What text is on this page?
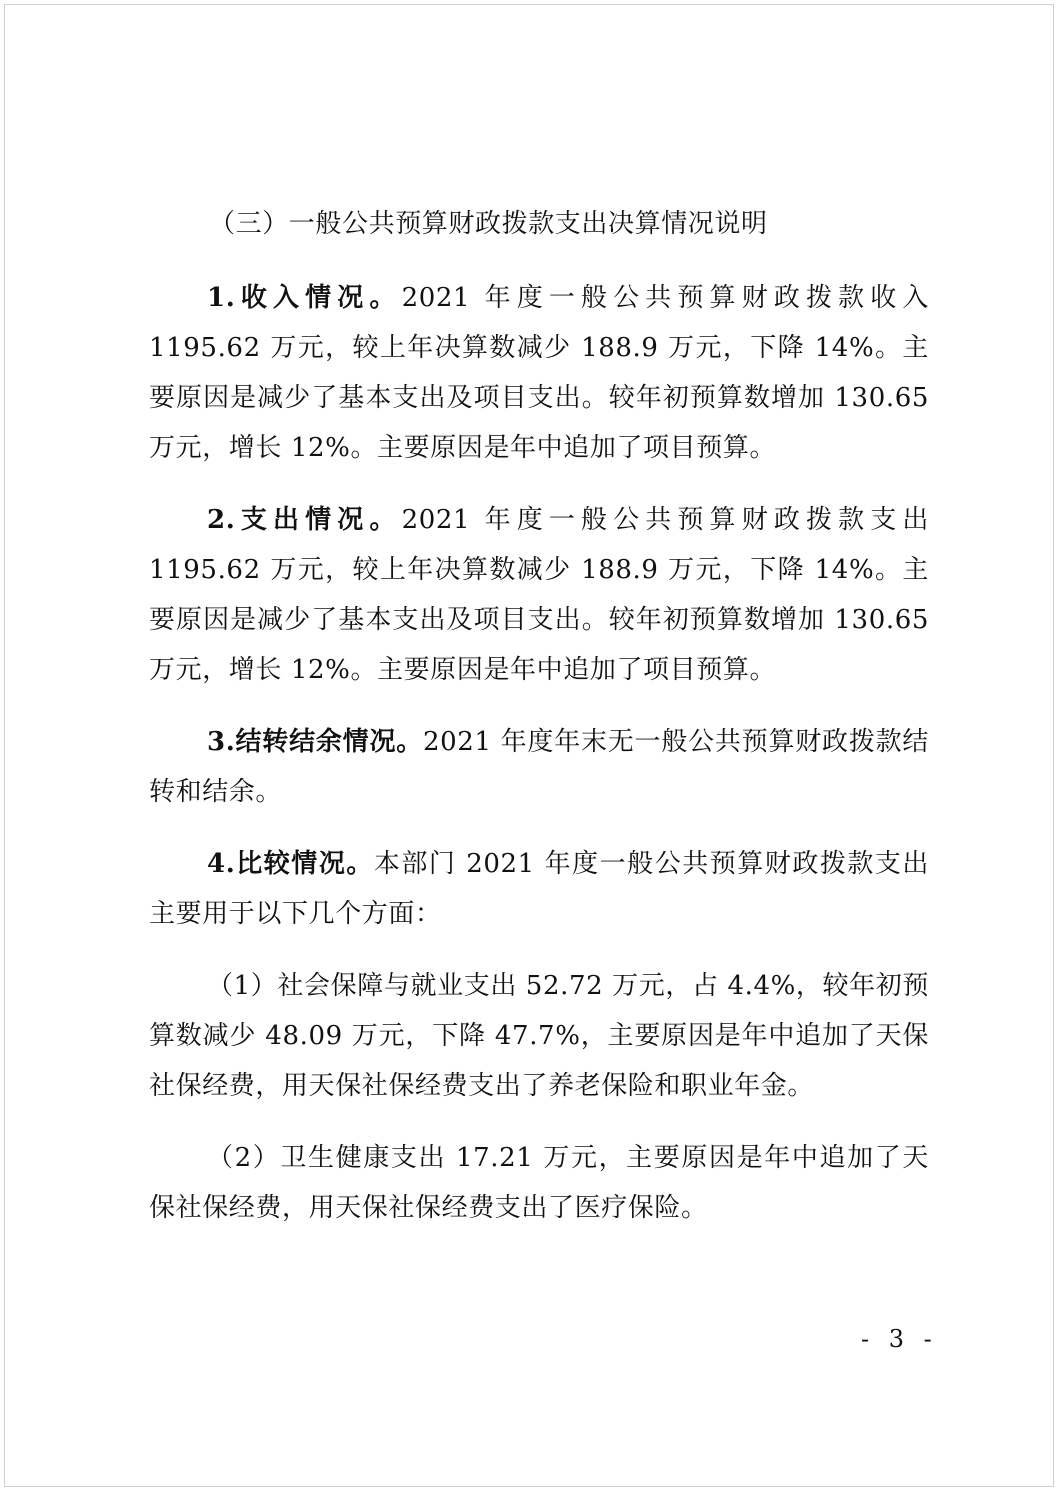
（三）一般公共预算财政拨款支出决算情况说明

1.收入情况。2021 年度一般公共预算财政拨款收入 1195.62 万元，较上年决算数减少 188.9 万元，下降 14%。主要原因是减少了基本支出及项目支出。较年初预算数增加 130.65 万元，增长 12%。主要原因是年中追加了项目预算。

2.支出情况。2021 年度一般公共预算财政拨款支出 1195.62 万元，较上年决算数减少 188.9 万元，下降 14%。主要原因是减少了基本支出及项目支出。较年初预算数增加 130.65 万元，增长 12%。主要原因是年中追加了项目预算。

3.结转结余情况。2021 年度年末无一般公共预算财政拨款结转和结余。

4.比较情况。本部门 2021 年度一般公共预算财政拨款支出主要用于以下几个方面：

（1）社会保障与就业支出 52.72 万元，占 4.4%，较年初预算数减少 48.09 万元，下降 47.7%，主要原因是年中追加了天保社保经费，用天保社保经费支出了养老保险和职业年金。

（2）卫生健康支出 17.21 万元，主要原因是年中追加了天保社保经费，用天保社保经费支出了医疗保险。

- 3 -
